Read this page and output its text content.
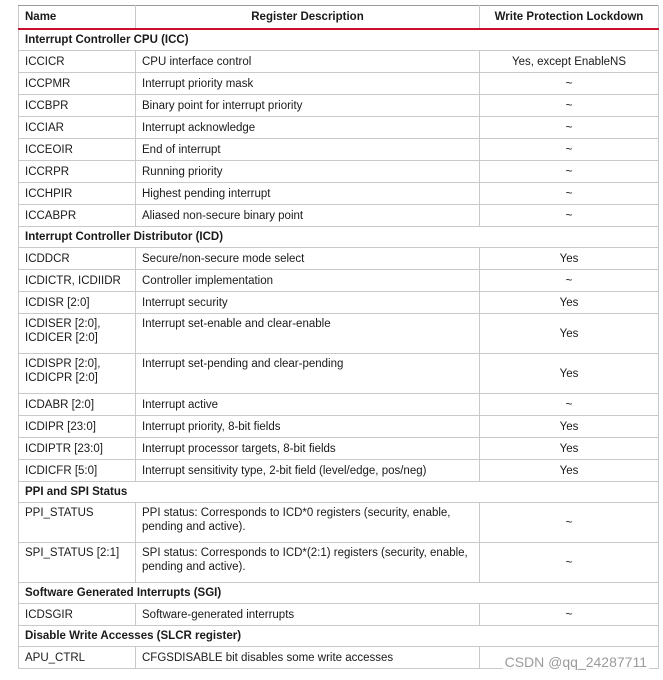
Name	Register Description	Write Protection Lockdown
Interrupt Controller CPU (ICC)		
ICCICR	CPU interface control	Yes, except EnableNS
ICCPMR	Interrupt priority mask	~
ICCBPR	Binary point for interrupt priority	~
ICCIAR	Interrupt acknowledge	~
ICCEOIR	End of interrupt	~
ICCRPR	Running priority	~
ICCHPIR	Highest pending interrupt	~
ICCABPR	Aliased non-secure binary point	~
Interrupt Controller Distributor (ICD)		
ICDDCR	Secure/non-secure mode select	Yes
ICDICTR, ICDIIDR	Controller implementation	~
ICDISR [2:0]	Interrupt security	Yes
ICDISER [2:0],
ICDICER [2:0]	Interrupt set-enable and clear-enable	Yes
ICDISPR [2:0],
ICDICPR [2:0]	Interrupt set-pending and clear-pending	Yes
ICDABR [2:0]	Interrupt active	~
ICDIPR [23:0]	Interrupt priority, 8-bit fields	Yes
ICDIPTR [23:0]	Interrupt processor targets, 8-bit fields	Yes
ICDICFR [5:0]	Interrupt sensitivity type, 2-bit field (level/edge, pos/neg)	Yes
PPI and SPI Status		
PPI_STATUS	PPI status: Corresponds to ICD*0 registers (security, enable, pending and active).	~
SPI_STATUS [2:1]	SPI status: Corresponds to ICD*(2:1) registers (security, enable, pending and active).	~
Software Generated Interrupts (SGI)		
ICDSGIR	Software-generated interrupts	~
Disable Write Accesses (SLCR register)		
APU_CTRL	CFGSDISABLE bit disables some write accesses		CSDN @qq_24287711
